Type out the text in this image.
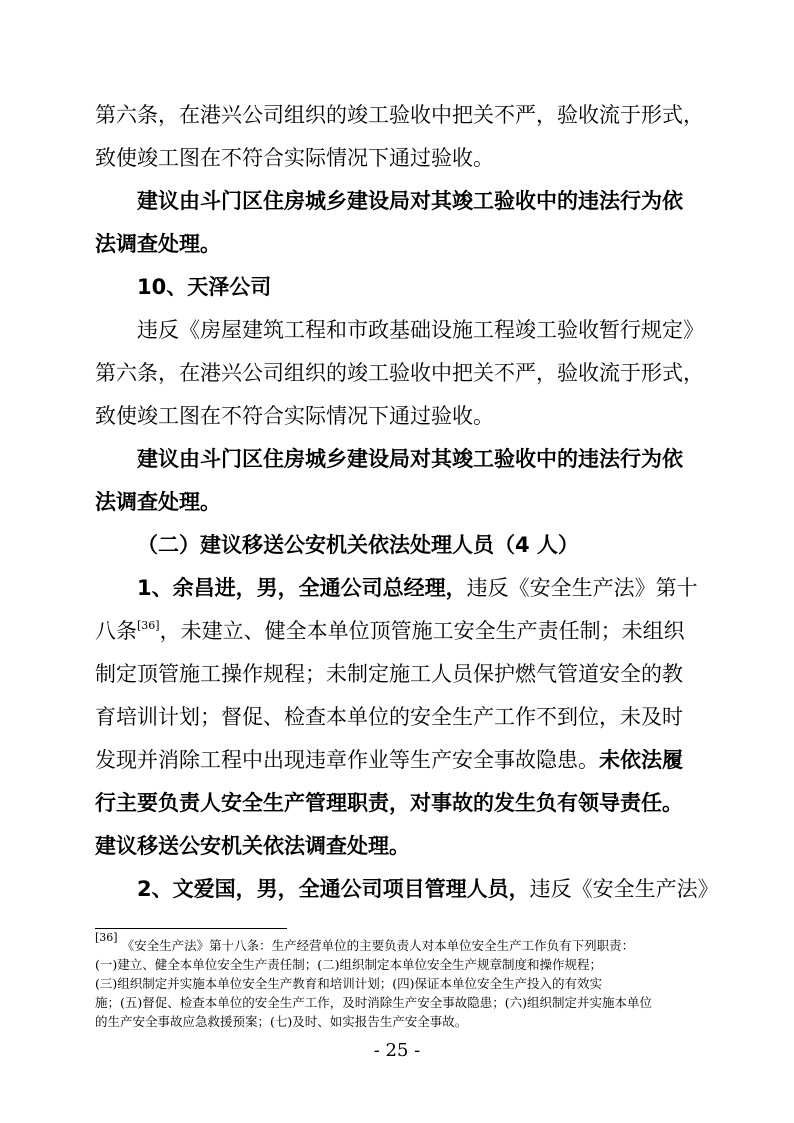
第六条，在港兴公司组织的竣工验收中把关不严，验收流于形式，
致使竣工图在不符合实际情况下通过验收。
建议由斗门区住房城乡建设局对其竣工验收中的违法行为依
法调查处理。
10、天泽公司
违反《房屋建筑工程和市政基础设施工程竣工验收暂行规定》
第六条，在港兴公司组织的竣工验收中把关不严，验收流于形式，
致使竣工图在不符合实际情况下通过验收。
建议由斗门区住房城乡建设局对其竣工验收中的违法行为依
法调查处理。
（二）建议移送公安机关依法处理人员（4 人）
1、余昌进，男，全通公司总经理，违反《安全生产法》第十
八条[36]，未建立、健全本单位顶管施工安全生产责任制；未组织
制定顶管施工操作规程；未制定施工人员保护燃气管道安全的教
育培训计划；督促、检查本单位的安全生产工作不到位，未及时
发现并消除工程中出现违章作业等生产安全事故隐患。未依法履
行主要负责人安全生产管理职责，对事故的发生负有领导责任。
建议移送公安机关依法调查处理。
2、文爱国，男，全通公司项目管理人员，违反《安全生产法》
[36] 《安全生产法》第十八条：生产经营单位的主要负责人对本单位安全生产工作负有下列职责：
(一)建立、健全本单位安全生产责任制；(二)组织制定本单位安全生产规章制度和操作规程；
(三)组织制定并实施本单位安全生产教育和培训计划；(四)保证本单位安全生产投入的有效实
施；(五)督促、检查本单位的安全生产工作，及时消除生产安全事故隐患；(六)组织制定并实施本单位
的生产安全事故应急救援预案；(七)及时、如实报告生产安全事故。
- 25 -
